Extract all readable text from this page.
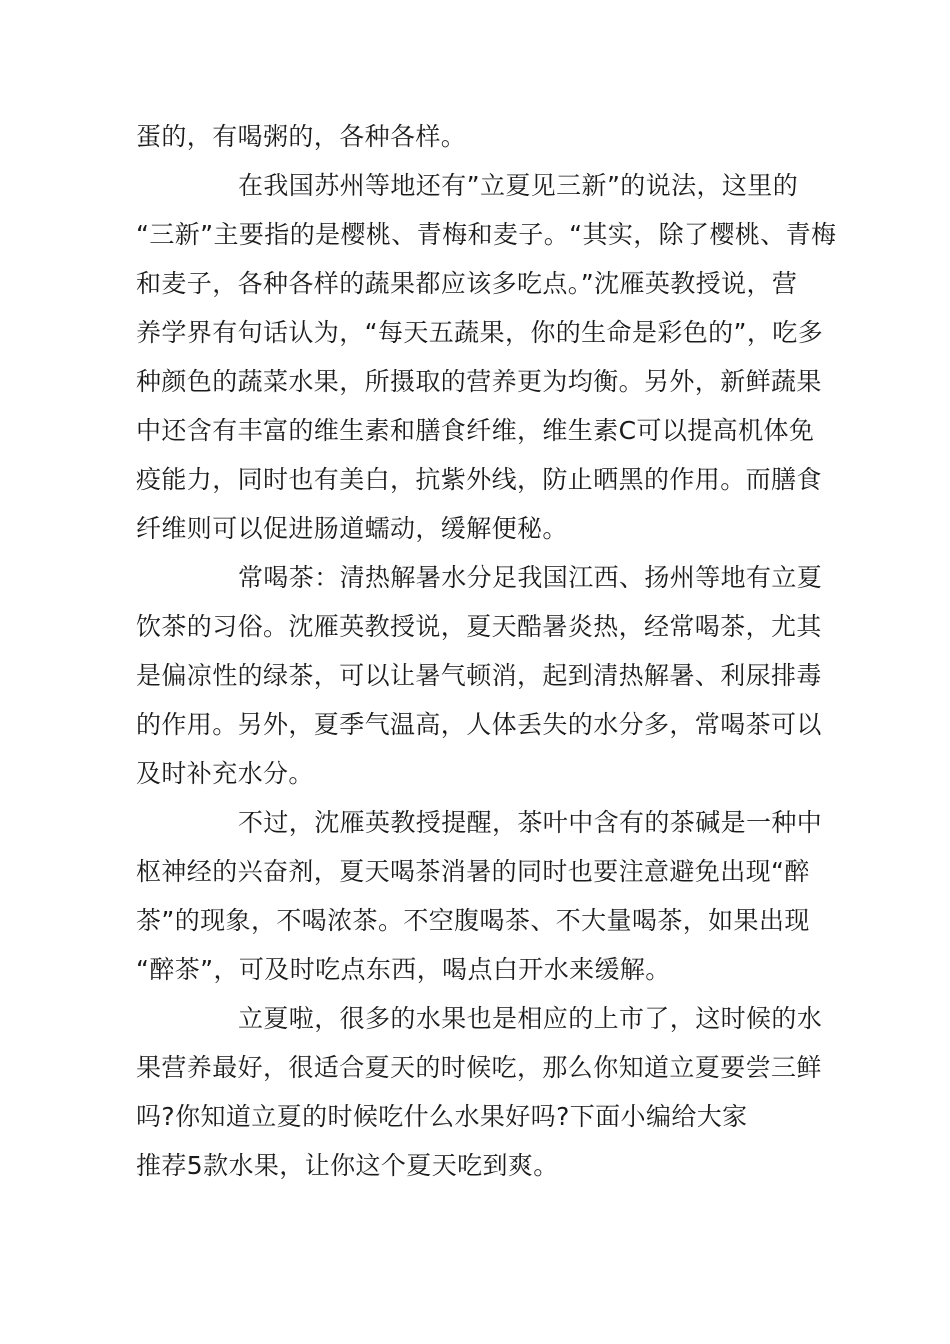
蛋的，有喝粥的，各种各样。
在我国苏州等地还有”立夏见三新”的说法，这里的
“三新”主要指的是樱桃、青梅和麦子。“其实，除了樱桃、青梅
和麦子，各种各样的蔬果都应该多吃点。”沈雁英教授说，营
养学界有句话认为，“每天五蔬果，你的生命是彩色的”，吃多
种颜色的蔬菜水果，所摄取的营养更为均衡。另外，新鲜蔬果
中还含有丰富的维生素和膳食纤维，维生素C可以提高机体免
疫能力，同时也有美白，抗紫外线，防止晒黑的作用。而膳食
纤维则可以促进肠道蠕动，缓解便秘。
常喝茶：清热解暑水分足我国江西、扬州等地有立夏
饮茶的习俗。沈雁英教授说，夏天酷暑炎热，经常喝茶，尤其
是偏凉性的绿茶，可以让暑气顿消，起到清热解暑、利尿排毒
的作用。另外，夏季气温高，人体丢失的水分多，常喝茶可以
及时补充水分。
不过，沈雁英教授提醒，茶叶中含有的茶碱是一种中
枢神经的兴奋剂，夏天喝茶消暑的同时也要注意避免出现“醉
茶”的现象，不喝浓茶。不空腹喝茶、不大量喝茶，如果出现
“醉茶”，可及时吃点东西，喝点白开水来缓解。
立夏啦，很多的水果也是相应的上市了，这时候的水
果营养最好，很适合夏天的时候吃，那么你知道立夏要尝三鲜
吗?你知道立夏的时候吃什么水果好吗?下面小编给大家
推荐5款水果，让你这个夏天吃到爽。
